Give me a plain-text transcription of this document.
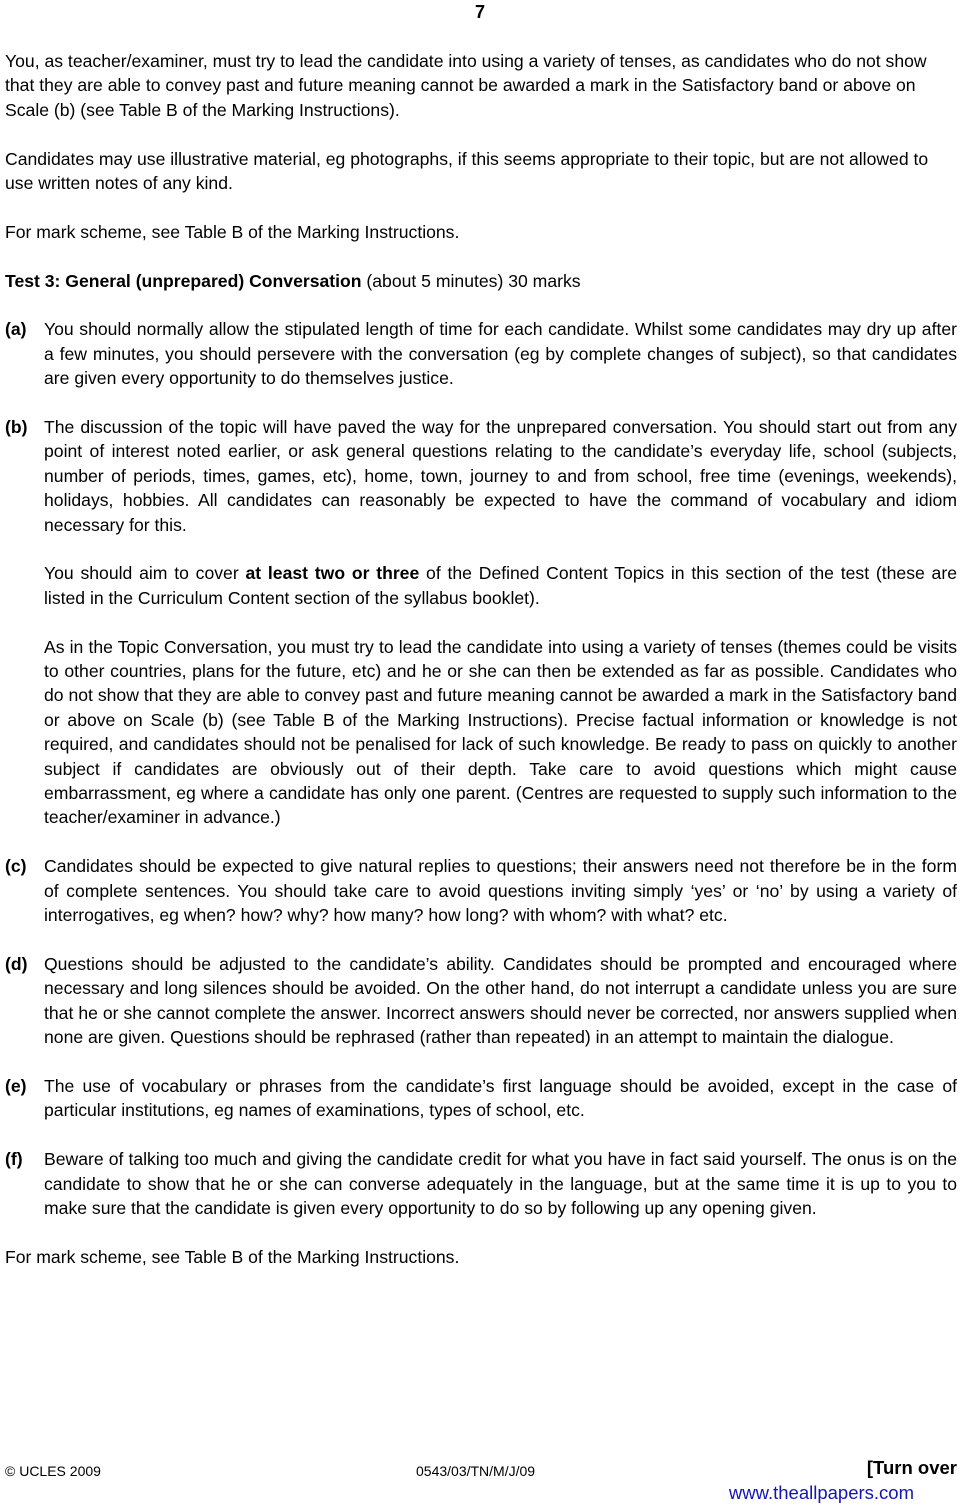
7

You, as teacher/examiner, must try to lead the candidate into using a variety of tenses, as candidates who do not show that they are able to convey past and future meaning cannot be awarded a mark in the Satisfactory band or above on Scale (b) (see Table B of the Marking Instructions).

Candidates may use illustrative material, eg photographs, if this seems appropriate to their topic, but are not allowed to use written notes of any kind.

For mark scheme, see Table B of the Marking Instructions.

Test 3: General (unprepared) Conversation (about 5 minutes) 30 marks

(a) You should normally allow the stipulated length of time for each candidate. Whilst some candidates may dry up after a few minutes, you should persevere with the conversation (eg by complete changes of subject), so that candidates are given every opportunity to do themselves justice.

(b) The discussion of the topic will have paved the way for the unprepared conversation. You should start out from any point of interest noted earlier, or ask general questions relating to the candidate’s everyday life, school (subjects, number of periods, times, games, etc), home, town, journey to and from school, free time (evenings, weekends), holidays, hobbies. All candidates can reasonably be expected to have the command of vocabulary and idiom necessary for this.

You should aim to cover at least two or three of the Defined Content Topics in this section of the test (these are listed in the Curriculum Content section of the syllabus booklet).

As in the Topic Conversation, you must try to lead the candidate into using a variety of tenses (themes could be visits to other countries, plans for the future, etc) and he or she can then be extended as far as possible. Candidates who do not show that they are able to convey past and future meaning cannot be awarded a mark in the Satisfactory band or above on Scale (b) (see Table B of the Marking Instructions). Precise factual information or knowledge is not required, and candidates should not be penalised for lack of such knowledge. Be ready to pass on quickly to another subject if candidates are obviously out of their depth. Take care to avoid questions which might cause embarrassment, eg where a candidate has only one parent. (Centres are requested to supply such information to the teacher/examiner in advance.)

(c) Candidates should be expected to give natural replies to questions; their answers need not therefore be in the form of complete sentences. You should take care to avoid questions inviting simply ‘yes’ or ‘no’ by using a variety of interrogatives, eg when? how? why? how many? how long? with whom? with what? etc.

(d) Questions should be adjusted to the candidate’s ability. Candidates should be prompted and encouraged where necessary and long silences should be avoided. On the other hand, do not interrupt a candidate unless you are sure that he or she cannot complete the answer. Incorrect answers should never be corrected, nor answers supplied when none are given. Questions should be rephrased (rather than repeated) in an attempt to maintain the dialogue.

(e) The use of vocabulary or phrases from the candidate’s first language should be avoided, except in the case of particular institutions, eg names of examinations, types of school, etc.

(f)	Beware of talking too much and giving the candidate credit for what you have in fact said yourself. The onus is on the candidate to show that he or she can converse adequately in the language, but at the same time it is up to you to make sure that the candidate is given every opportunity to do so by following up any opening given.

For mark scheme, see Table B of the Marking Instructions.

© UCLES 2009	0543/03/TN/M/J/09	[Turn over
www.theallpapers.com
